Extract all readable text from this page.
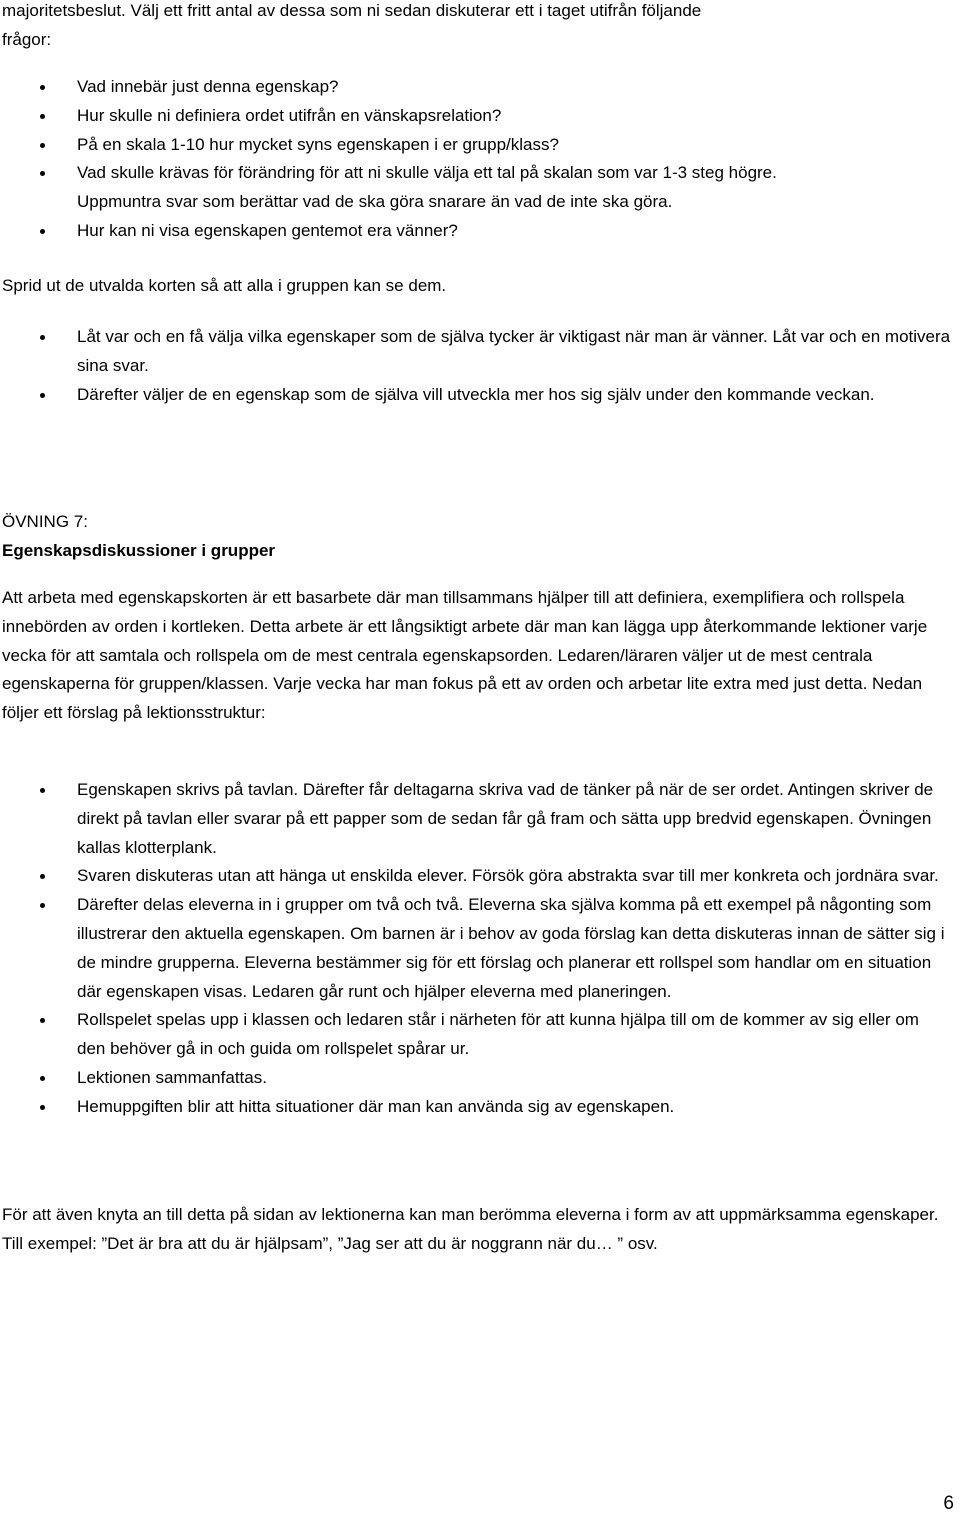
majoritetsbeslut. Välj ett fritt antal av dessa som ni sedan diskuterar ett i taget utifrån följande

frågor:

Vad innebär just denna egenskap?
Hur skulle ni definiera ordet utifrån en vänskapsrelation?
På en skala 1-10 hur mycket syns egenskapen i er grupp/klass?
Vad skulle krävas för förändring för att ni skulle välja ett tal på skalan som var 1-3 steg högre.
Uppmuntra svar som berättar vad de ska göra snarare än vad de inte ska göra.
Hur kan ni visa egenskapen gentemot era vänner?

Sprid ut de utvalda korten så att alla i gruppen kan se dem.

Låt var och en få välja vilka egenskaper som de själva tycker är viktigast när man är vänner. Låt var och en motivera sina svar.
Därefter väljer de en egenskap som de själva vill utveckla mer hos sig själv under den kommande veckan.

ÖVNING 7:

Egenskapsdiskussioner i grupper

Att arbeta med egenskapskorten är ett basarbete där man tillsammans hjälper till att definiera, exemplifiera och rollspela innebörden av orden i kortleken. Detta arbete är ett långsiktigt arbete där man kan lägga upp återkommande lektioner varje vecka för att samtala och rollspela om de mest centrala egenskapsorden. Ledaren/läraren väljer ut de mest centrala egenskaperna för gruppen/klassen. Varje vecka har man fokus på ett av orden och arbetar lite extra med just detta. Nedan följer ett förslag på lektionsstruktur:

Egenskapen skrivs på tavlan. Därefter får deltagarna skriva vad de tänker på när de ser ordet. Antingen skriver de direkt på tavlan eller svarar på ett papper som de sedan får gå fram och sätta upp bredvid egenskapen. Övningen kallas klotterplank.
Svaren diskuteras utan att hänga ut enskilda elever. Försök göra abstrakta svar till mer konkreta och jordnära svar.
Därefter delas eleverna in i grupper om två och två. Eleverna ska själva komma på ett exempel på någonting som illustrerar den aktuella egenskapen. Om barnen är i behov av goda förslag kan detta diskuteras innan de sätter sig i de mindre grupperna. Eleverna bestämmer sig för ett förslag och planerar ett rollspel som handlar om en situation där egenskapen visas. Ledaren går runt och hjälper eleverna med planeringen.
Rollspelet spelas upp i klassen och ledaren står i närheten för att kunna hjälpa till om de kommer av sig eller om den behöver gå in och guida om rollspelet spårar ur.
Lektionen sammanfattas.
Hemuppgiften blir att hitta situationer där man kan använda sig av egenskapen.

För att även knyta an till detta på sidan av lektionerna kan man berömma eleverna i form av att uppmärksamma egenskaper. Till exempel: ”Det är bra att du är hjälpsam”, ”Jag ser att du är noggrann när du… ” osv.

6
